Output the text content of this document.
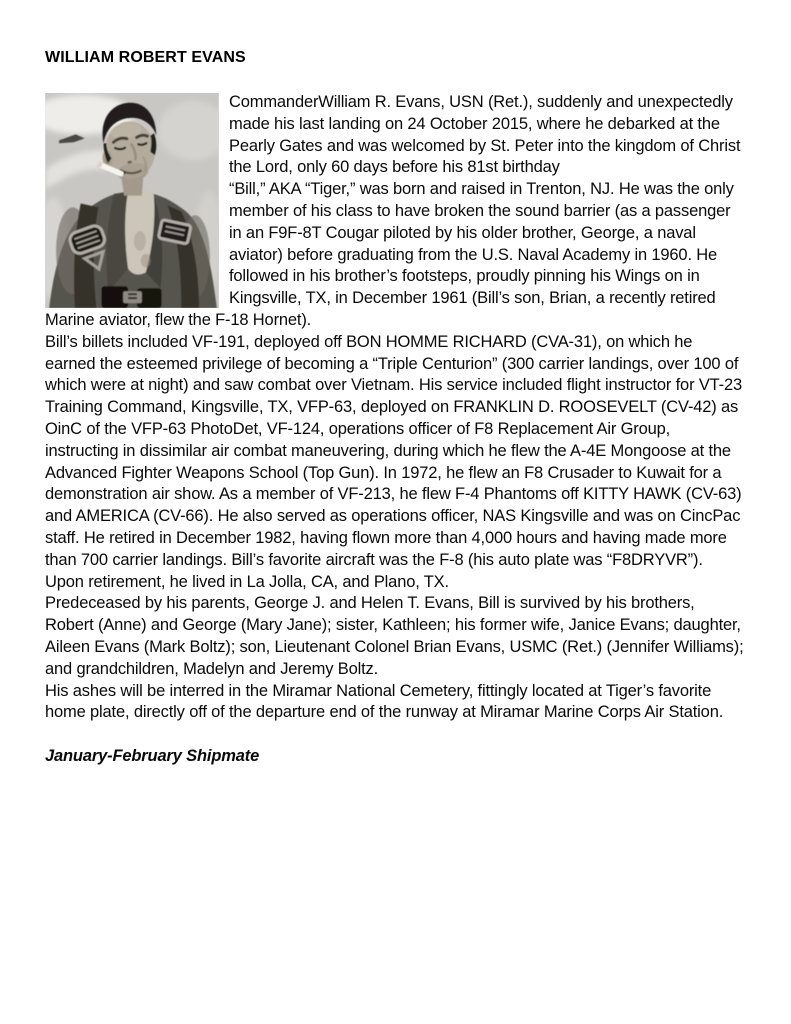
WILLIAM ROBERT EVANS

CommanderWilliam R. Evans, USN (Ret.), suddenly and unexpectedly made his last landing on 24 October 2015, where he debarked at the Pearly Gates and was welcomed by St. Peter into the kingdom of Christ the Lord, only 60 days before his 81st birthday

“Bill,” AKA “Tiger,” was born and raised in Trenton, NJ. He was the only member of his class to have broken the sound barrier (as a passenger in an F9F-8T Cougar piloted by his older brother, George, a naval aviator) before graduating from the U.S. Naval Academy in 1960. He followed in his brother’s footsteps, proudly pinning his Wings on in Kingsville, TX, in December 1961 (Bill’s son, Brian, a recently retired Marine aviator, flew the F-18 Hornet).

Bill’s billets included VF-191, deployed off BON HOMME RICHARD (CVA-31), on which he earned the esteemed privilege of becoming a “Triple Centurion” (300 carrier landings, over 100 of which were at night) and saw combat over Vietnam. His service included flight instructor for VT-23 Training Command, Kingsville, TX, VFP-63, deployed on FRANKLIN D. ROOSEVELT (CV-42) as OinC of the VFP-63 PhotoDet, VF-124, operations officer of F8 Replacement Air Group, instructing in dissimilar air combat maneuvering, during which he flew the A-4E Mongoose at the Advanced Fighter Weapons School (Top Gun). In 1972, he flew an F8 Crusader to Kuwait for a demonstration air show. As a member of VF-213, he flew F-4 Phantoms off KITTY HAWK (CV-63) and AMERICA (CV-66). He also served as operations officer, NAS Kingsville and was on CincPac staff. He retired in December 1982, having flown more than 4,000 hours and having made more than 700 carrier landings. Bill’s favorite aircraft was the F-8 (his auto plate was “F8DRYVR”).

Upon retirement, he lived in La Jolla, CA, and Plano, TX.

Predeceased by his parents, George J. and Helen T. Evans, Bill is survived by his brothers, Robert (Anne) and George (Mary Jane); sister, Kathleen; his former wife, Janice Evans; daughter, Aileen Evans (Mark Boltz); son, Lieutenant Colonel Brian Evans, USMC (Ret.) (Jennifer Williams); and grandchildren, Madelyn and Jeremy Boltz.

His ashes will be interred in the Miramar National Cemetery, fittingly located at Tiger’s favorite home plate, directly off of the departure end of the runway at Miramar Marine Corps Air Station.

January-February Shipmate
